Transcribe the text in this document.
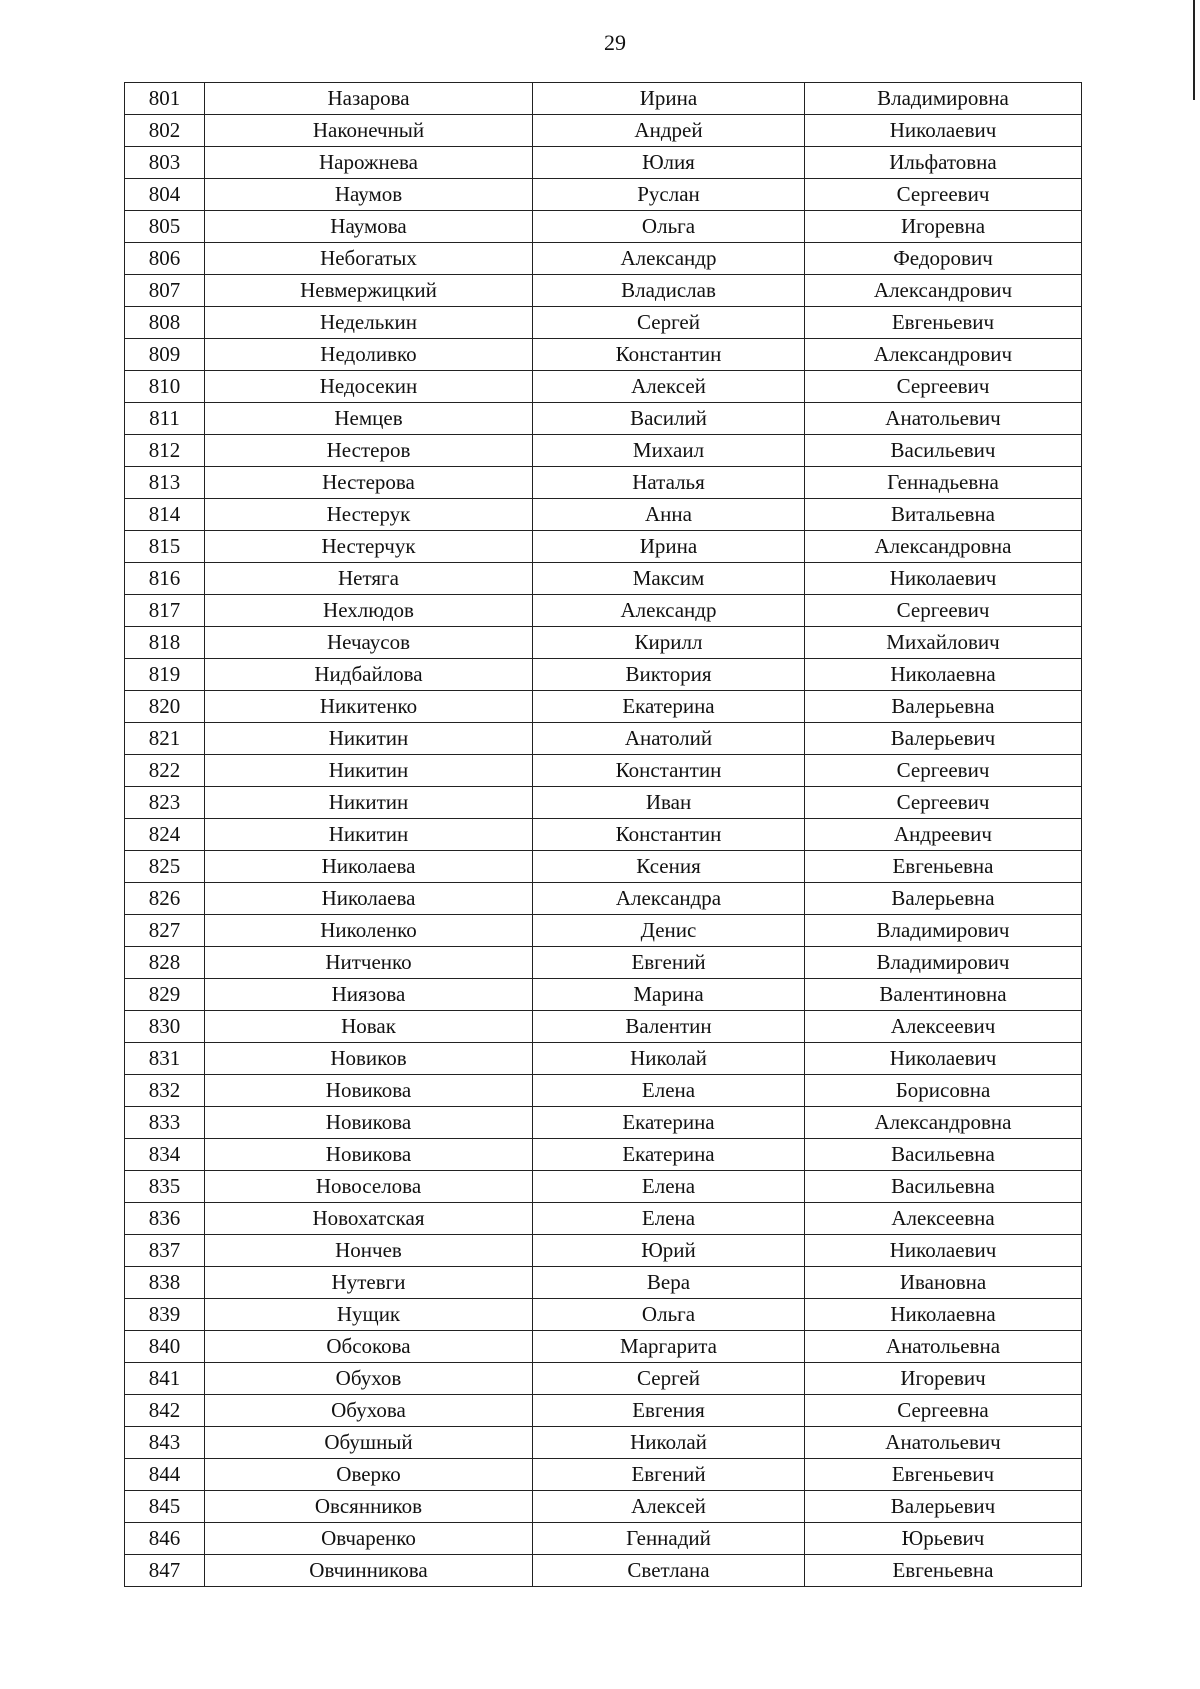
29
801	Назарова	Ирина	Владимировна
802	Наконечный	Андрей	Николаевич
803	Нарожнева	Юлия	Ильфатовна
804	Наумов	Руслан	Сергеевич
805	Наумова	Ольга	Игоревна
806	Небогатых	Александр	Федорович
807	Невмержицкий	Владислав	Александрович
808	Неделькин	Сергей	Евгеньевич
809	Недоливко	Константин	Александрович
810	Недосекин	Алексей	Сергеевич
811	Немцев	Василий	Анатольевич
812	Нестеров	Михаил	Васильевич
813	Нестерова	Наталья	Геннадьевна
814	Нестерук	Анна	Витальевна
815	Нестерчук	Ирина	Александровна
816	Нетяга	Максим	Николаевич
817	Нехлюдов	Александр	Сергеевич
818	Нечаусов	Кирилл	Михайлович
819	Нидбайлова	Виктория	Николаевна
820	Никитенко	Екатерина	Валерьевна
821	Никитин	Анатолий	Валерьевич
822	Никитин	Константин	Сергеевич
823	Никитин	Иван	Сергеевич
824	Никитин	Константин	Андреевич
825	Николаева	Ксения	Евгеньевна
826	Николаева	Александра	Валерьевна
827	Николенко	Денис	Владимирович
828	Нитченко	Евгений	Владимирович
829	Ниязова	Марина	Валентиновна
830	Новак	Валентин	Алексеевич
831	Новиков	Николай	Николаевич
832	Новикова	Елена	Борисовна
833	Новикова	Екатерина	Александровна
834	Новикова	Екатерина	Васильевна
835	Новоселова	Елена	Васильевна
836	Новохатская	Елена	Алексеевна
837	Нончев	Юрий	Николаевич
838	Нутевги	Вера	Ивановна
839	Нущик	Ольга	Николаевна
840	Обсокова	Маргарита	Анатольевна
841	Обухов	Сергей	Игоревич
842	Обухова	Евгения	Сергеевна
843	Обушный	Николай	Анатольевич
844	Оверко	Евгений	Евгеньевич
845	Овсянников	Алексей	Валерьевич
846	Овчаренко	Геннадий	Юрьевич
847	Овчинникова	Светлана	Евгеньевна
